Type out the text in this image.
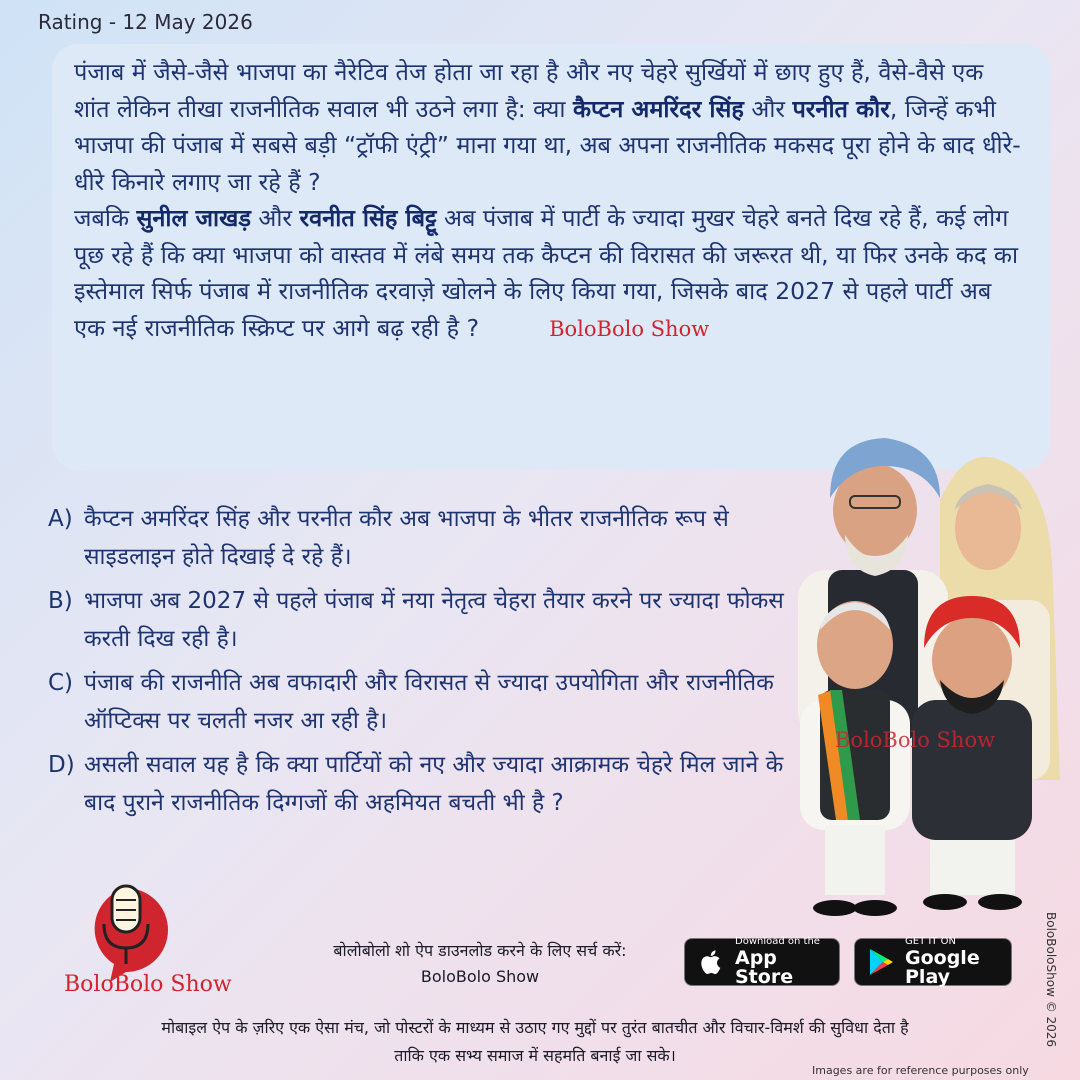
Rating - 12 May 2026

पंजाब में जैसे-जैसे भाजपा का नैरेटिव तेज होता जा रहा है और नए चेहरे सुर्खियों में छाए हुए हैं, वैसे-वैसे एक शांत लेकिन तीखा राजनीतिक सवाल भी उठने लगा है: क्या कैप्टन अमरिंदर सिंह और परनीत कौर, जिन्हें कभी भाजपा की पंजाब में सबसे बड़ी “ट्रॉफी एंट्री” माना गया था, अब अपना राजनीतिक मकसद पूरा होने के बाद धीरे-धीरे किनारे लगाए जा रहे हैं ?

जबकि सुनील जाखड़ और रवनीत सिंह बिट्टू अब पंजाब में पार्टी के ज्यादा मुखर चेहरे बनते दिख रहे हैं, कई लोग पूछ रहे हैं कि क्या भाजपा को वास्तव में लंबे समय तक कैप्टन की विरासत की जरूरत थी, या फिर उनके कद का इस्तेमाल सिर्फ पंजाब में राजनीतिक दरवाज़े खोलने के लिए किया गया, जिसके बाद 2027 से पहले पार्टी अब एक नई राजनीतिक स्क्रिप्ट पर आगे बढ़ रही है ?	BoloBolo Show

A) कैप्टन अमरिंदर सिंह और परनीत कौर अब भाजपा के भीतर राजनीतिक रूप से साइडलाइन होते दिखाई दे रहे हैं।
B) भाजपा अब 2027 से पहले पंजाब में नया नेतृत्व चेहरा तैयार करने पर ज्यादा फोकस करती दिख रही है।
C) पंजाब की राजनीति अब वफादारी और विरासत से ज्यादा उपयोगिता और राजनीतिक ऑप्टिक्स पर चलती नजर आ रही है।
D) असली सवाल यह है कि क्या पार्टियों को नए और ज्यादा आक्रामक चेहरे मिल जाने के बाद पुराने राजनीतिक दिग्गजों की अहमियत बचती भी है ?
BoloBolo Show
BoloBolo Show
बोलोबोलो शो ऐप डाउनलोड करने के लिए सर्च करें:
BoloBolo Show
Download on the
App Store
GET IT ON
Google Play
मोबाइल ऐप के ज़रिए एक ऐसा मंच, जो पोस्टरों के माध्यम से उठाए गए मुद्दों पर तुरंत बातचीत और विचार-विमर्श की सुविधा देता है
ताकि एक सभ्य समाज में सहमति बनाई जा सके।
Images are for reference purposes only
BoloBoloShow © 2026
